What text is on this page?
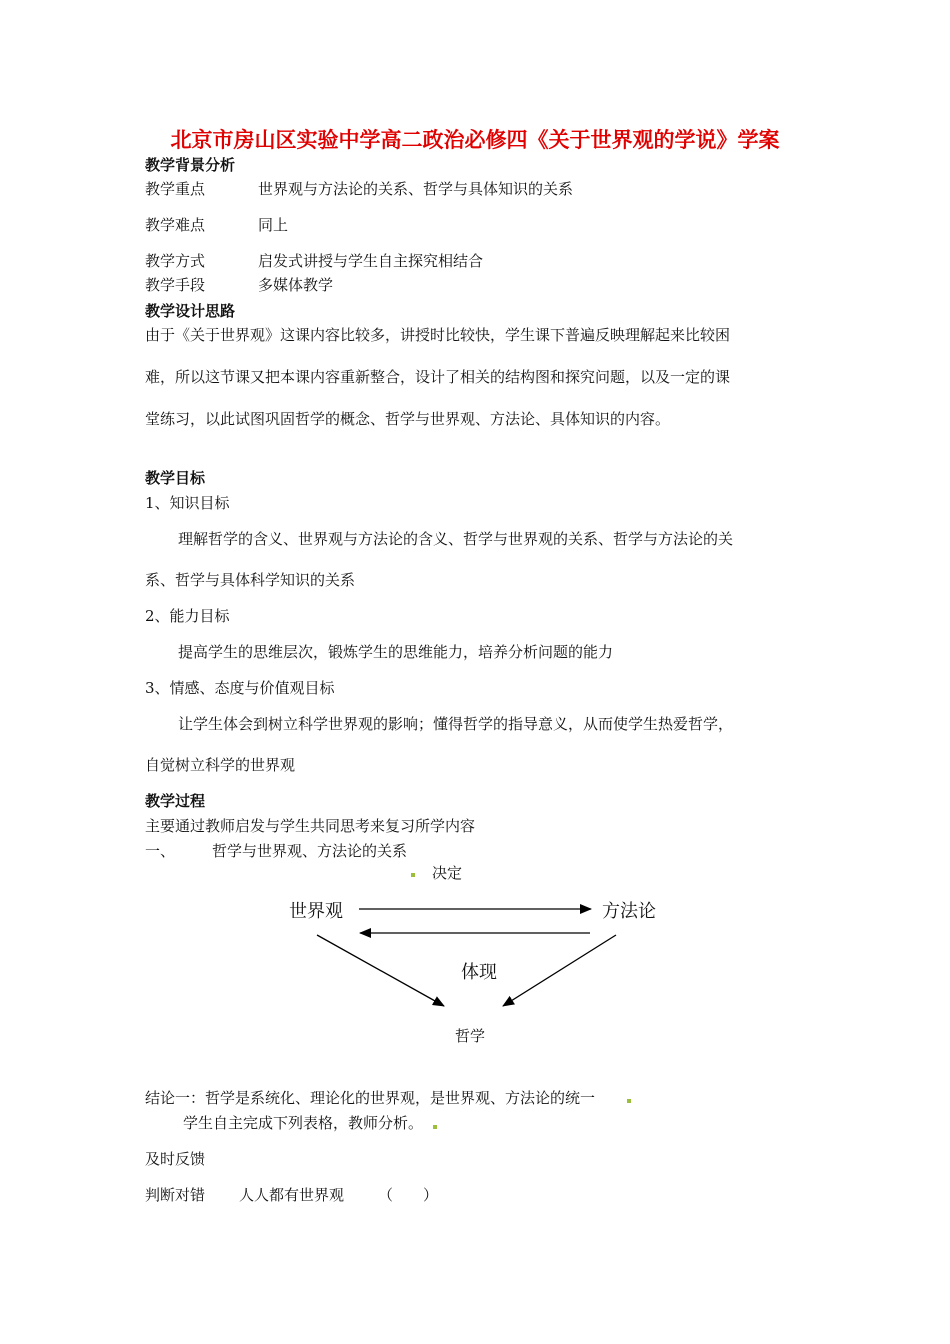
北京市房山区实验中学高二政治必修四《关于世界观的学说》学案
教学背景分析
教学重点	世界观与方法论的关系、哲学与具体知识的关系
教学难点	同上
教学方式	启发式讲授与学生自主探究相结合
教学手段	多媒体教学
教学设计思路
由于《关于世界观》这课内容比较多，讲授时比较快，学生课下普遍反映理解起来比较困
难，所以这节课又把本课内容重新整合，设计了相关的结构图和探究问题，以及一定的课
堂练习，以此试图巩固哲学的概念、哲学与世界观、方法论、具体知识的内容。
教学目标
1、知识目标
理解哲学的含义、世界观与方法论的含义、哲学与世界观的关系、哲学与方法论的关
系、哲学与具体科学知识的关系
2、能力目标
提高学生的思维层次，锻炼学生的思维能力，培养分析问题的能力
3、情感、态度与价值观目标
让学生体会到树立科学世界观的影响；懂得哲学的指导意义，从而使学生热爱哲学，
自觉树立科学的世界观
教学过程
主要通过教师启发与学生共同思考来复习所学内容
一、 哲学与世界观、方法论的关系
决定
世界观	方法论
体现
哲学
结论一：哲学是系统化、理论化的世界观，是世界观、方法论的统一
学生自主完成下列表格，教师分析。
及时反馈
判断对错 人人都有世界观 （　　）
